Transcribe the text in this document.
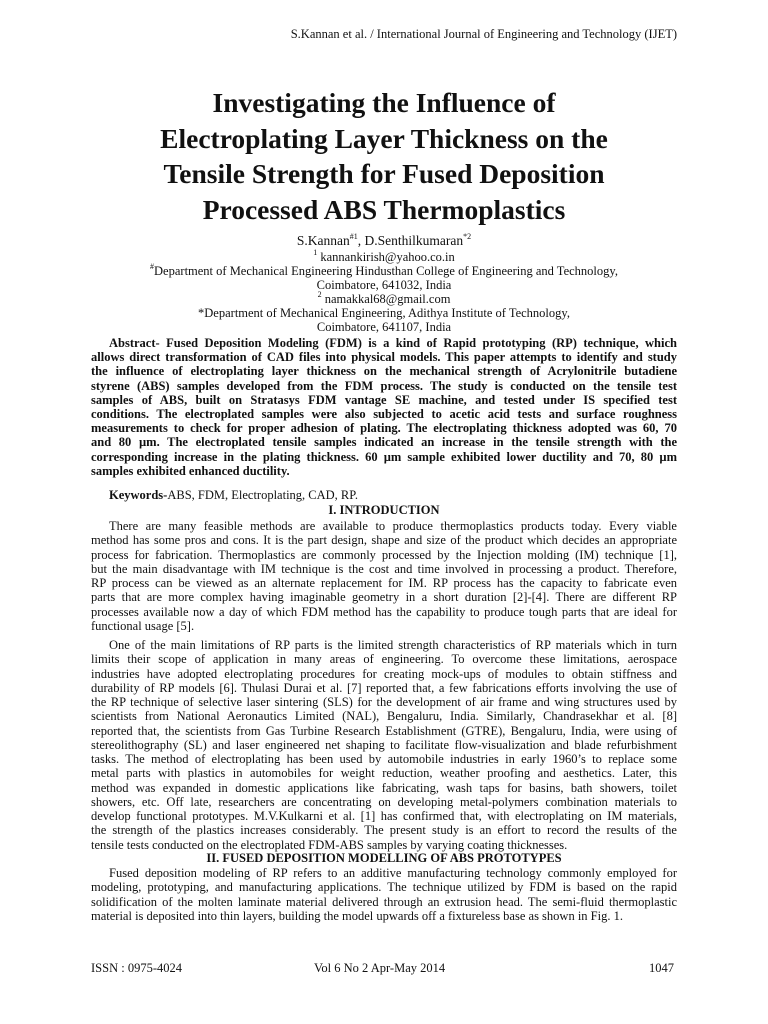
S.Kannan et al. / International Journal of Engineering and Technology (IJET)
Investigating the Influence of
Electroplating Layer Thickness on the
Tensile Strength for Fused Deposition
Processed ABS Thermoplastics
S.Kannan$^{\#1}$, D.Senthilkumaran$^{*2}$
$^1$ kannankirish@yahoo.co.in
#Department of Mechanical Engineering Hindusthan College of Engineering and Technology,
Coimbatore, 641032, India
$^2$ namakkal68@gmail.com
*Department of Mechanical Engineering, Adithya Institute of Technology,
Coimbatore, 641107, India
Abstract- Fused Deposition Modeling (FDM) is a kind of Rapid prototyping (RP) technique, which
allows direct transformation of CAD files into physical models. This paper attempts to identify and study
the influence of electroplating layer thickness on the mechanical strength of Acrylonitrile butadiene
styrene (ABS) samples developed from the FDM process. The study is conducted on the tensile test
samples of ABS, built on Stratasys FDM vantage SE machine, and tested under IS specified test
conditions. The electroplated samples were also subjected to acetic acid tests and surface roughness
measurements to check for proper adhesion of plating. The electroplating thickness adopted was 60, 70
and 80 µm. The electroplated tensile samples indicated an increase in the tensile strength with the
corresponding increase in the plating thickness. 60 µm sample exhibited lower ductility and 70, 80 µm
samples exhibited enhanced ductility.
Keywords-ABS, FDM, Electroplating, CAD, RP.
I. INTRODUCTION
There are many feasible methods are available to produce thermoplastics products today. Every viable
method has some pros and cons. It is the part design, shape and size of the product which decides an appropriate
process for fabrication. Thermoplastics are commonly processed by the Injection molding (IM) technique [1],
but the main disadvantage with IM technique is the cost and time involved in processing a product. Therefore,
RP process can be viewed as an alternate replacement for IM. RP process has the capacity to fabricate even
parts that are more complex having imaginable geometry in a short duration [2]-[4]. There are different RP
processes available now a day of which FDM method has the capability to produce tough parts that are ideal for
functional usage [5].
One of the main limitations of RP parts is the limited strength characteristics of RP materials which in turn
limits their scope of application in many areas of engineering. To overcome these limitations, aerospace
industries have adopted electroplating procedures for creating mock-ups of modules to obtain stiffness and
durability of RP models [6]. Thulasi Durai et al. [7] reported that, a few fabrications efforts involving the use of
the RP technique of selective laser sintering (SLS) for the development of air frame and wing structures used by
scientists from National Aeronautics Limited (NAL), Bengaluru, India. Similarly, Chandrasekhar et al. [8]
reported that, the scientists from Gas Turbine Research Establishment (GTRE), Bengaluru, India, were using of
stereolithography (SL) and laser engineered net shaping to facilitate flow-visualization and blade refurbishment
tasks. The method of electroplating has been used by automobile industries in early 1960’s to replace some
metal parts with plastics in automobiles for weight reduction, weather proofing and aesthetics. Later, this
method was expanded in domestic applications like fabricating, wash taps for basins, bath showers, toilet
showers, etc. Off late, researchers are concentrating on developing metal-polymers combination materials to
develop functional prototypes. M.V.Kulkarni et al. [1] has confirmed that, with electroplating on IM materials,
the strength of the plastics increases considerably. The present study is an effort to record the results of the
tensile tests conducted on the electroplated FDM-ABS samples by varying coating thicknesses.
II. FUSED DEPOSITION MODELLING OF ABS PROTOTYPES
Fused deposition modeling of RP refers to an additive manufacturing technology commonly employed for
modeling, prototyping, and manufacturing applications. The technique utilized by FDM is based on the rapid
solidification of the molten laminate material delivered through an extrusion head. The semi-fluid thermoplastic
material is deposited into thin layers, building the model upwards off a fixtureless base as shown in Fig. 1.
ISSN : 0975-4024	Vol 6 No 2 Apr-May 2014	1047
